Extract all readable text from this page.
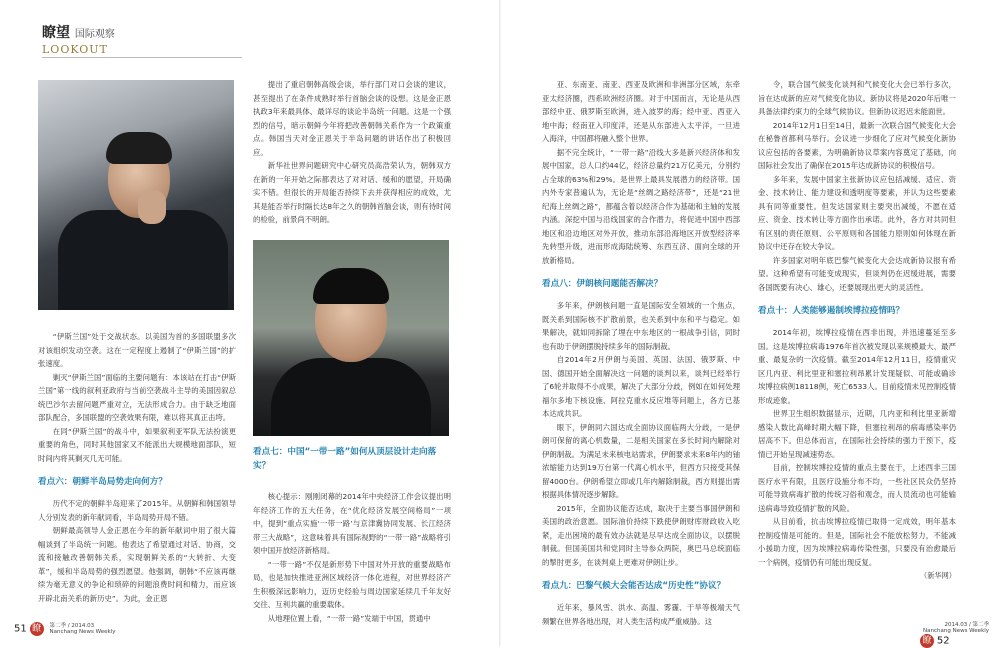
瞭望 国际观察
LOOKOUT

“伊斯兰国”处于交战状态。以美国为首的多国联盟多次对该组织发动空袭。这在一定程度上遏制了“伊斯兰国”的扩张速度。

剿灭“伊斯兰国”面临的主要问题有：本该站在打击“伊斯兰国”第一线的叙利亚政府与当前空袭战斗主导的美国因叙总统巴沙尔去留问题严重对立，无法形成合力。由于缺乏地面部队配合，多国联盟的空袭效果有限，难以将其真正击垮。

在同“伊斯兰国”的战斗中，如果叙利亚军队无法扮演更重要的角色，同时其他国家又不能派出大规模地面部队，短时间内将其剿灭几无可能。

看点六：朝鲜半岛局势走向何方？

历代不定的朝鲜半岛迎来了2015年。从朝鲜和韩国领导人分别发表的新年献词看，半岛局势开局不错。

朝鲜最高领导人金正恩在今年的新年献词中用了很大篇幅谈到了半岛统一问题。他表达了希望通过对话、协商，交流和接触改善朝韩关系，实现朝鲜关系的“大转折、大变革”，缓和半岛局势的强烈愿望。他强调，朝韩“不应该再继续为毫无意义的争论和琐碎的问题浪费时间和精力，而应该开辟北南关系的新历史”。为此，金正恩

提出了重启朝韩高级会谈，举行部门对口会谈的建议，甚至提出了在条件成熟时举行首脑会谈的设想。这是金正恩执政3年来最具体、最详尽的谈论半岛统一问题。这是一个强烈的信号，暗示朝鲜今年将把改善朝韩关系作为一个政策重点。韩国当天对金正恩关于半岛问题的讲话作出了积极回应。

新华社世界问题研究中心研究员高浩荣认为，朝韩双方在新的一年开始之际都表达了对对话、缓和的愿望，开局确实不错。但很长的开局能否持续下去并获得相应的成效，尤其是能否举行时隔长达8年之久的朝韩首脑会谈，则有待时间的检验，前景尚不明朗。

看点七：中国“一带一路”如何从顶层设计走向落实？

核心提示：刚刚闭幕的2014年中央经济工作会议提出明年经济工作的五大任务，在“优化经济发展空间格局”一项中，提到“重点实施‘一带一路’与京津冀协同发展、长江经济带三大战略”，这意味着具有国际视野的“一带一路”战略将引领中国开放经济新格局。

“一带一路”不仅是新形势下中国对外开放的重要战略布局，也是加快推进亚洲区域经济一体化进程，对世界经济产生积极深远影响力，迈历史经验与周边国家延续几千年友好交往、互利共赢的重要载体。

从地理位置上看，“一带一路”发端于中国，贯通中

51 瞭 第二季 / 2014.03
Nanchang News Weekly

亚、东南亚、南亚、西亚及欧洲和非洲部分区域，东牵亚太经济圈，西系欧洲经济圈。对于中国而言，无论是从西部经中亚、俄罗斯至欧洲，进入波罗的海；经中亚、西亚入地中海；经南亚入印度洋，还是从东部进入太平洋，一旦进入海洋，中国都将融入整个世界。

据不完全统计，“一带一路”沿线大多是新兴经济体和发展中国家，总人口约44亿，经济总量约21万亿美元，分别约占全球的63%和29%。是世界上最具发展潜力的经济带。国内外专家普遍认为，无论是“丝绸之路经济带”，还是“21世纪海上丝绸之路”，都蕴含着以经济合作为基础和主轴的发展内涵。深挖中国与沿线国家的合作潜力，将促进中国中西部地区和沿边地区对外开放，推动东部沿海地区开放型经济率先转型升级，进而形成海陆统筹、东西互济、面向全球的开放新格局。

看点八：伊朗核问题能否解决？

多年来，伊朗核问题一直是国际安全领域的一个焦点，既关系到国际核不扩散前景，也关系到中东和平与稳定。如果解决，就如同拆除了埋在中东地区的一根战争引信，同时也有助于伊朗摆脱持续多年的国际制裁。

自2014年2月伊朗与美国、英国、法国、俄罗斯、中国、德国开始全面解决这一问题的谈判以来，谈判已经举行了6轮并取得不小成果，解决了大部分分歧，例如在如何处理福尔多地下核设施、阿拉克重水反应堆等问题上，各方已基本达成共识。

眼下，伊朗同六国达成全面协议面临两大分歧，一是伊朗可保留的离心机数量，二是相关国家在多长时间内解除对伊朗制裁。为满足未来核电站需求，伊朗要求未来8年内的铀浓缩能力达到19万台第一代离心机水平，但西方只接受其保留4000台。伊朗希望立即或几年内解除制裁，西方则提出需根据具体情况逐步解除。

2015年，全面协议能否达成，取决于主要当事国伊朗和美国的政治意愿。国际油价持续下跌使伊朗财库财政收入吃紧，走出困境的最有效办法就是尽早达成全面协议，以摆脱制裁。但国美国共和党同时主导参众两院，奥巴马总统面临的掣肘更多，在谈判桌上更难对伊朗让步。

看点九：巴黎气候大会能否达成“历史性”协议？

近年来，暴风雪、洪水、高温、雾霾、干旱等极端天气频繁在世界各地出现，对人类生活构成严重威胁。这

令，联合国气候变化谈判和气候变化大会已举行多次，旨在达成新的应对气候变化协议。新协议将是2020年后唯一具备法律约束力的全球气候协议。但新协议迟迟未能面世。

2014年12月1日至14日，最新一次联合国气候变化大会在秘鲁首都利马举行。会议进一步细化了应对气候变化新协议应包括的各要素，为明确新协议草案内容奠定了基础，向国际社会发出了确保在2015年达成新协议的积极信号。

多年来，发展中国家主张新协议应包括减缓、适应、资金、技术转让、能力建设和透明度等要素，并认为这些要素具有同等重要性。但发达国家则主要突出减缓，不愿在适应、资金、技术转让等方面作出承诺。此外，各方对共同但有区别的责任原则、公平原则和各国能力原则如何体现在新协议中还存在较大争议。

许多国家对明年底巴黎气候变化大会达成新协议报有希望。这种希望有可能变成现实，但谈判仍在迟缓进展，需要各国既要有决心、雄心，还要展现出更大的灵活性。

看点十：人类能够遏制埃博拉疫情吗？

2014年初，埃博拉疫情在西非出现，并迅速蔓延至多国。这是埃博拉病毒1976年首次被发现以来规模最大、最严重、最复杂的一次疫情。截至2014年12月11日，疫情重灾区几内亚、利比里亚和塞拉利昂累计发现疑似、可能或确诊埃博拉病例18118例，死亡6533人。目前疫情未见控制疫情形成迹象。

世界卫生组织数据显示，近期，几内亚和利比里亚新增感染人数比高峰时期大幅下降，但塞拉利昂的病毒感染率仍居高不下。但总体而言，在国际社会持续的强力干预下，疫情已开始呈现减速势态。

目前，控制埃博拉疫情的重点主要在于，上述西非三国医疗水平有限，且医疗设施分布不均，一些社区民众仍坚持可能导致病毒扩散的传统习俗和观念，而人员流动也可能输送病毒导致疫情扩散的风险。

从目前看，抗击埃博拉疫情已取得一定成效，明年基本控制疫情是可能的。但是，国际社会不能放松努力，不能减小援助力度，因为埃博拉病毒传染性强，只要没有治愈最后一个病例，疫情仍有可能出现反复。

（新华网）
2014.03 / 第二季
Nanchang News Weekly 瞭 52
